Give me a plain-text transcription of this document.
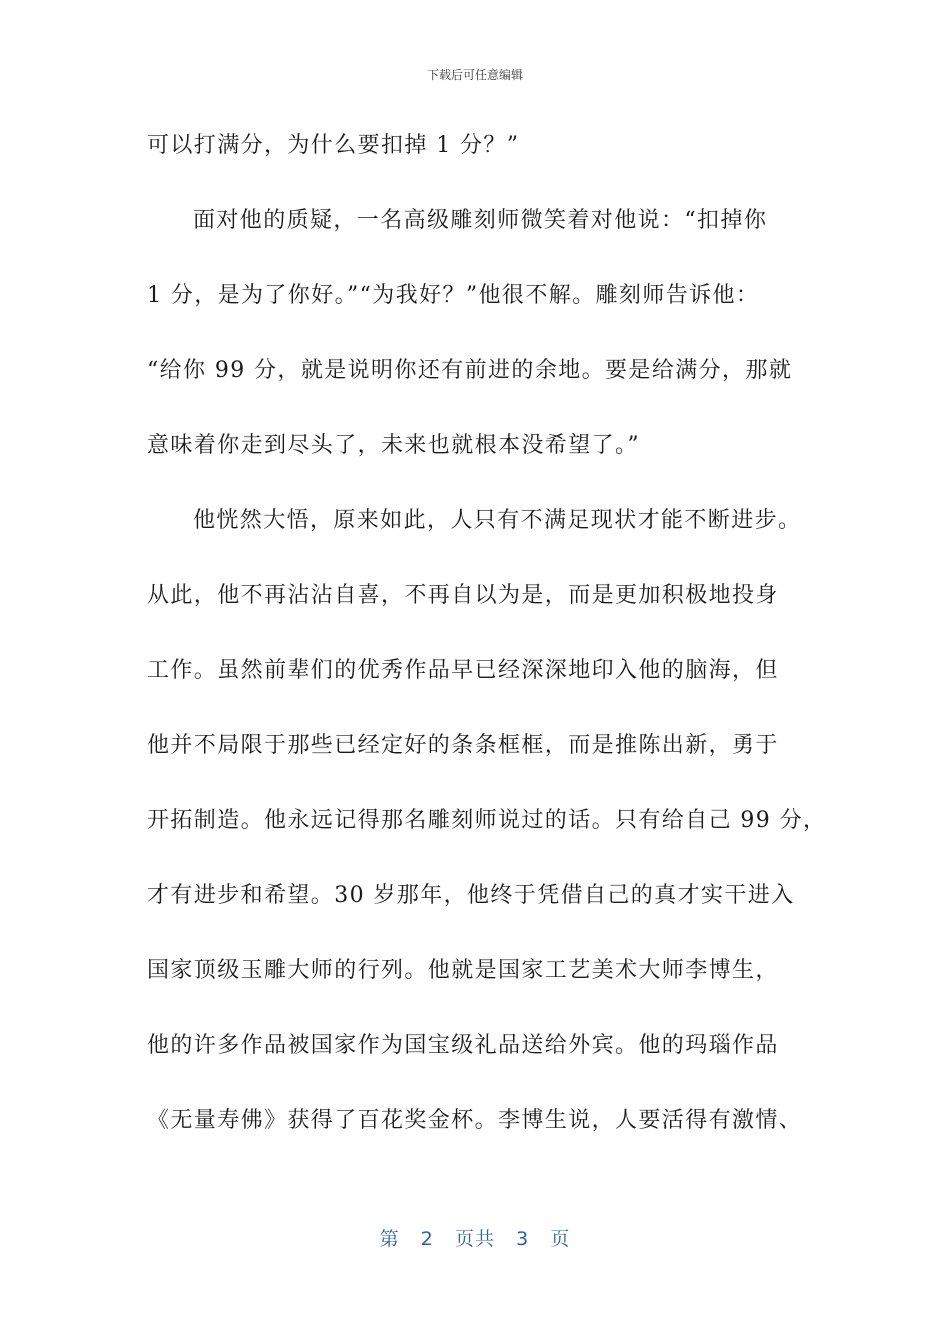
下载后可任意编辑
可以打满分，为什么要扣掉 1 分？”
面对他的质疑，一名高级雕刻师微笑着对他说：“扣掉你
1 分，是为了你好。”“为我好？”他很不解。雕刻师告诉他：
“给你 99 分，就是说明你还有前进的余地。要是给满分，那就
意味着你走到尽头了，未来也就根本没希望了。”
他恍然大悟，原来如此，人只有不满足现状才能不断进步。
从此，他不再沾沾自喜，不再自以为是，而是更加积极地投身
工作。虽然前辈们的优秀作品早已经深深地印入他的脑海，但
他并不局限于那些已经定好的条条框框，而是推陈出新，勇于
开拓制造。他永远记得那名雕刻师说过的话。只有给自己 99 分，
才有进步和希望。30 岁那年，他终于凭借自己的真才实干进入
国家顶级玉雕大师的行列。他就是国家工艺美术大师李博生，
他的许多作品被国家作为国宝级礼品送给外宾。他的玛瑙作品
《无量寿佛》获得了百花奖金杯。李博生说，人要活得有激情、
第 2 页共 3 页
